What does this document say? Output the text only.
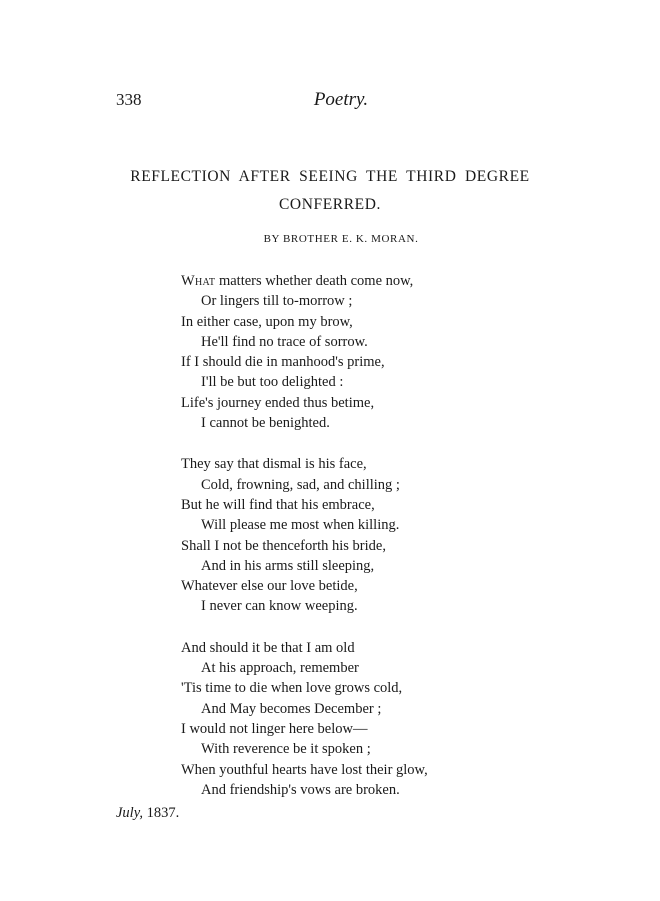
338	Poetry.
REFLECTION AFTER SEEING THE THIRD DEGREE
CONFERRED.
BY BROTHER E. K. MORAN.
What matters whether death come now,
Or lingers till to-morrow ;
In either case, upon my brow,
He'll find no trace of sorrow.
If I should die in manhood's prime,
I'll be but too delighted :
Life's journey ended thus betime,
I cannot be benighted.
They say that dismal is his face,
Cold, frowning, sad, and chilling ;
But he will find that his embrace,
Will please me most when killing.
Shall I not be thenceforth his bride,
And in his arms still sleeping,
Whatever else our love betide,
I never can know weeping.
And should it be that I am old
At his approach, remember
'Tis time to die when love grows cold,
And May becomes December ;
I would not linger here below—
With reverence be it spoken ;
When youthful hearts have lost their glow,
And friendship's vows are broken.
July, 1837.
